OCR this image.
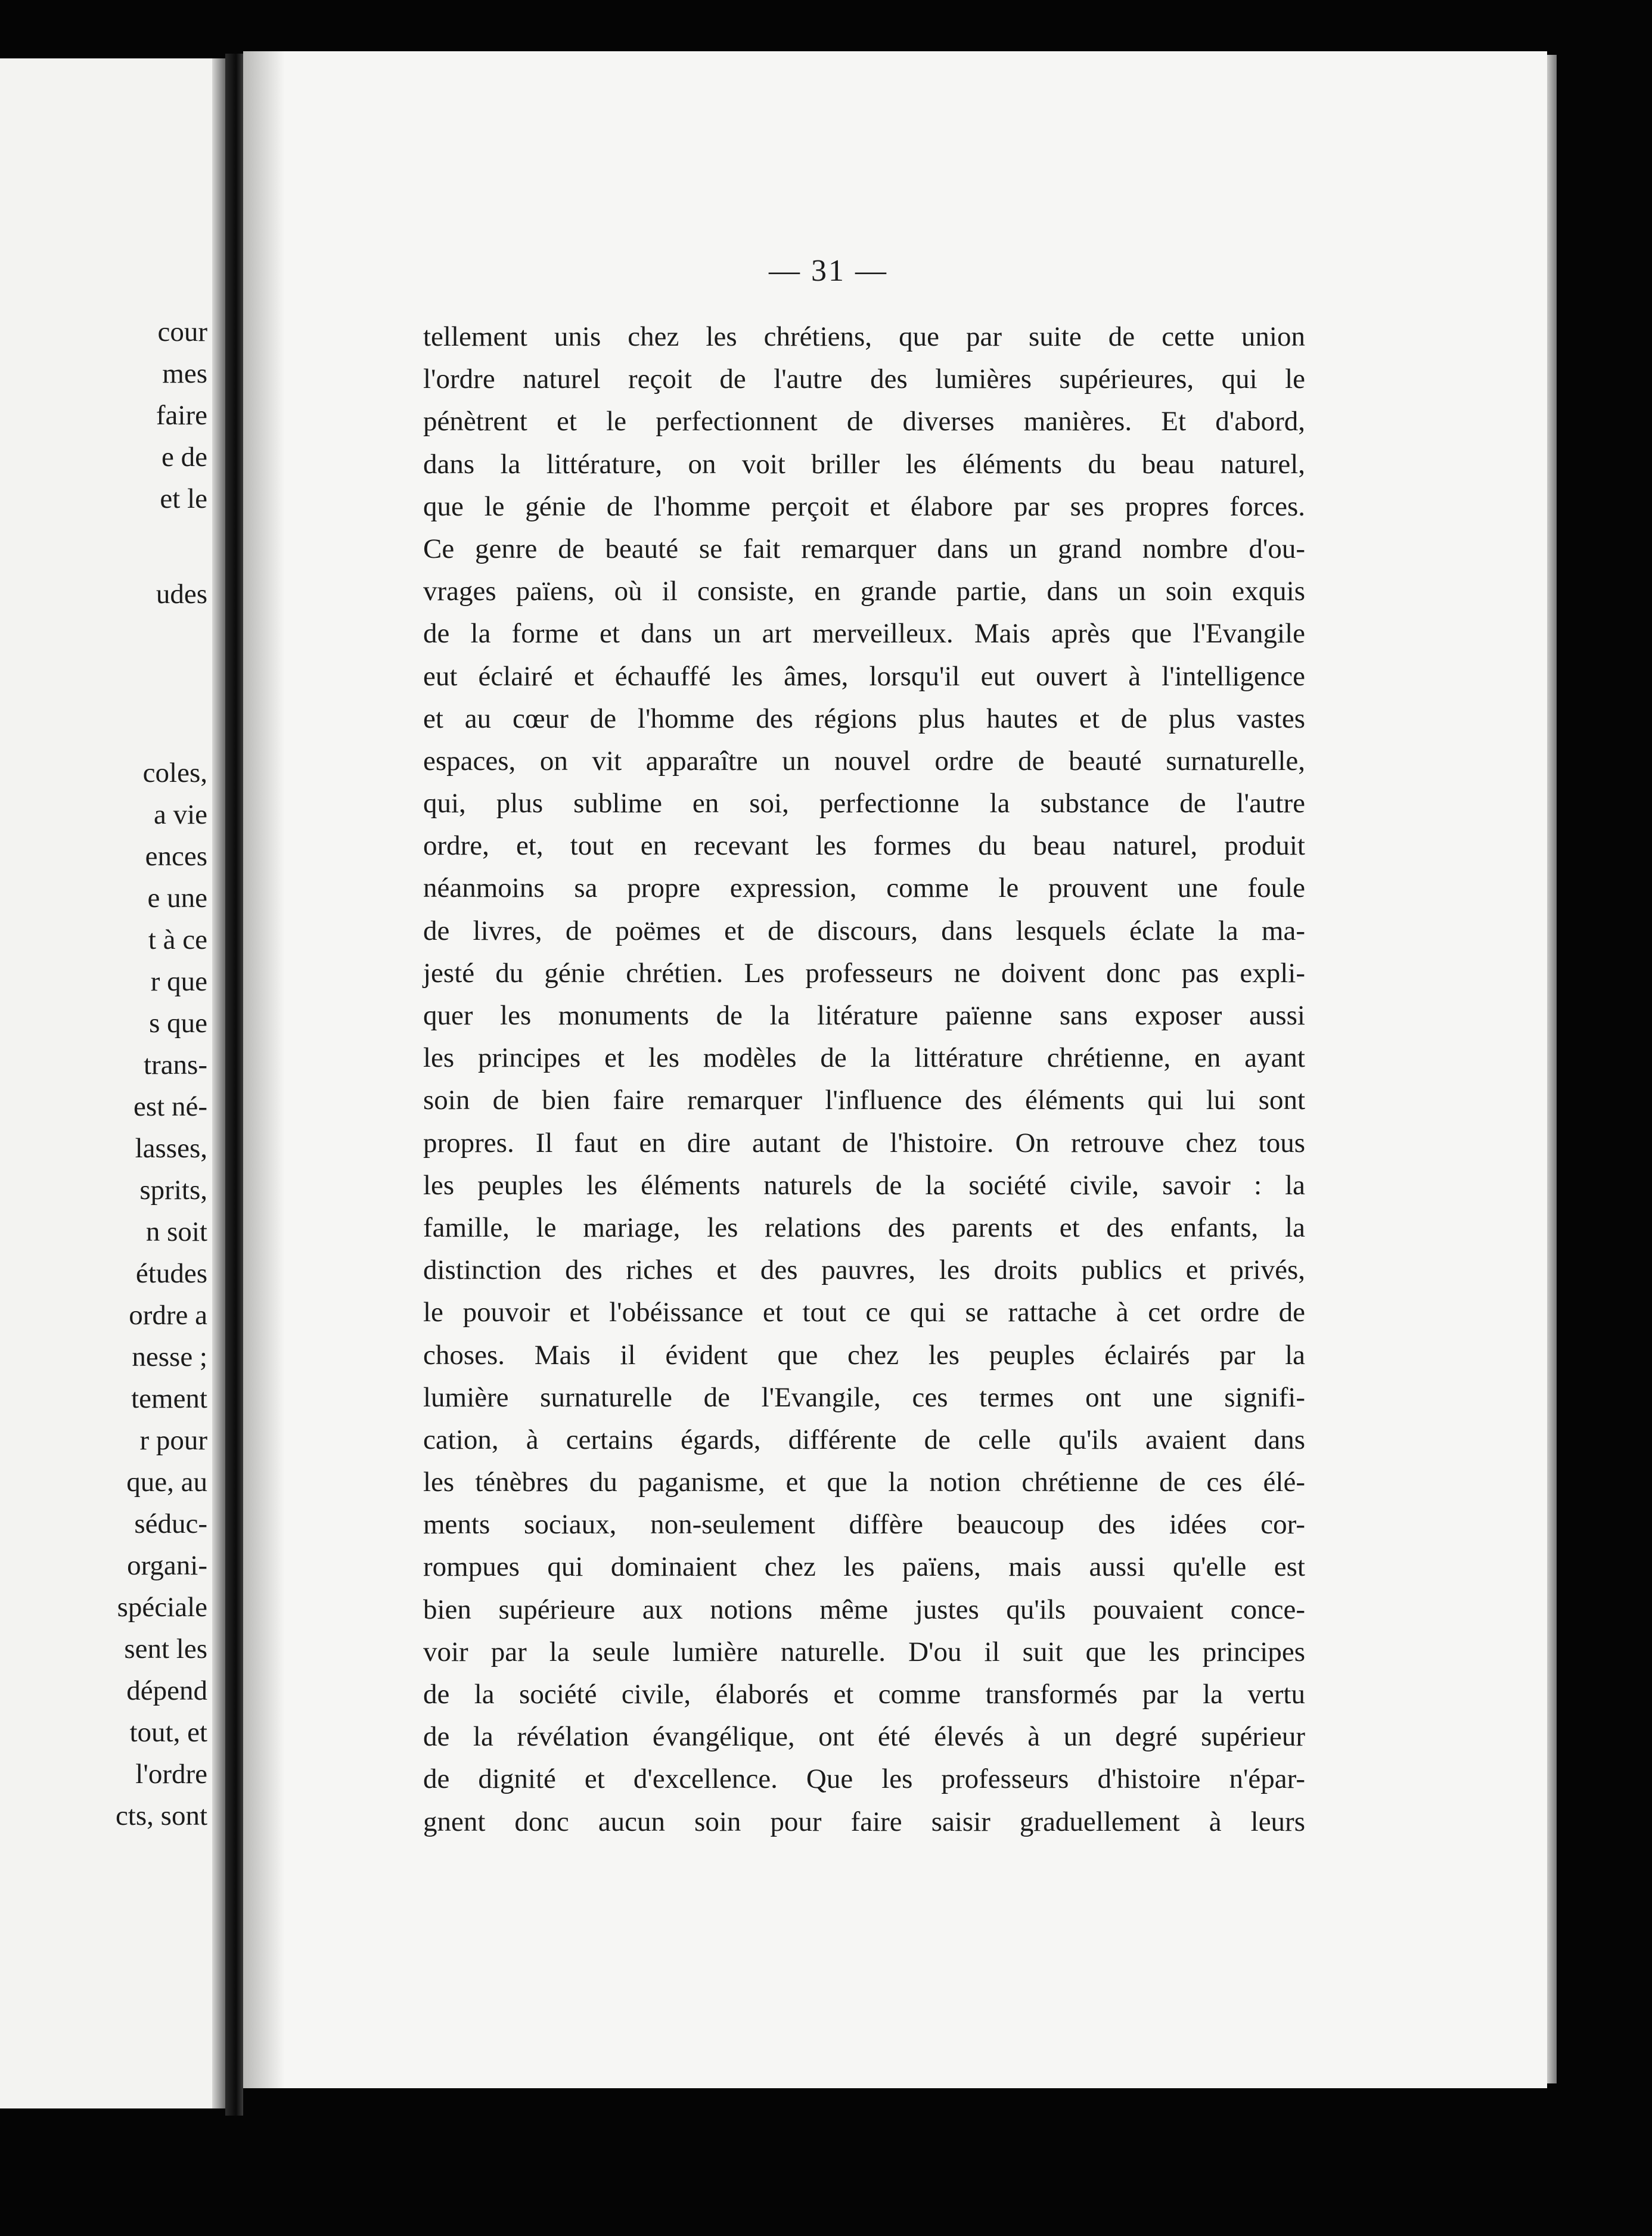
cour
mes
faire
e de
et le
udes
coles,
a vie
ences
e une
t à ce
r que
s que
trans-
est né-
lasses,
sprits,
n soit
études
ordre a
nesse ;
tement
r pour
que, au
séduc-
organi-
spéciale
sent les
dépend
tout, et
l'ordre
cts, sont
— 31 —
tellement unis chez les chrétiens, que par suite de cette union
l'ordre naturel reçoit de l'autre des lumières supérieures, qui le
pénètrent et le perfectionnent de diverses manières. Et d'abord,
dans la littérature, on voit briller les éléments du beau naturel,
que le génie de l'homme perçoit et élabore par ses propres forces.
Ce genre de beauté se fait remarquer dans un grand nombre d'ou-
vrages païens, où il consiste, en grande partie, dans un soin exquis
de la forme et dans un art merveilleux. Mais après que l'Evangile
eut éclairé et échauffé les âmes, lorsqu'il eut ouvert à l'intelligence
et au cœur de l'homme des régions plus hautes et de plus vastes
espaces, on vit apparaître un nouvel ordre de beauté surnaturelle,
qui, plus sublime en soi, perfectionne la substance de l'autre
ordre, et, tout en recevant les formes du beau naturel, produit
néanmoins sa propre expression, comme le prouvent une foule
de livres, de poëmes et de discours, dans lesquels éclate la ma-
jesté du génie chrétien. Les professeurs ne doivent donc pas expli-
quer les monuments de la litérature païenne sans exposer aussi
les principes et les modèles de la littérature chrétienne, en ayant
soin de bien faire remarquer l'influence des éléments qui lui sont
propres. Il faut en dire autant de l'histoire. On retrouve chez tous
les peuples les éléments naturels de la société civile, savoir : la
famille, le mariage, les relations des parents et des enfants, la
distinction des riches et des pauvres, les droits publics et privés,
le pouvoir et l'obéissance et tout ce qui se rattache à cet ordre de
choses. Mais il évident que chez les peuples éclairés par la
lumière surnaturelle de l'Evangile, ces termes ont une signifi-
cation, à certains égards, différente de celle qu'ils avaient dans
les ténèbres du paganisme, et que la notion chrétienne de ces élé-
ments sociaux, non-seulement diffère beaucoup des idées cor-
rompues qui dominaient chez les païens, mais aussi qu'elle est
bien supérieure aux notions même justes qu'ils pouvaient conce-
voir par la seule lumière naturelle. D'ou il suit que les principes
de la société civile, élaborés et comme transformés par la vertu
de la révélation évangélique, ont été élevés à un degré supérieur
de dignité et d'excellence. Que les professeurs d'histoire n'épar-
gnent donc aucun soin pour faire saisir graduellement à leurs
